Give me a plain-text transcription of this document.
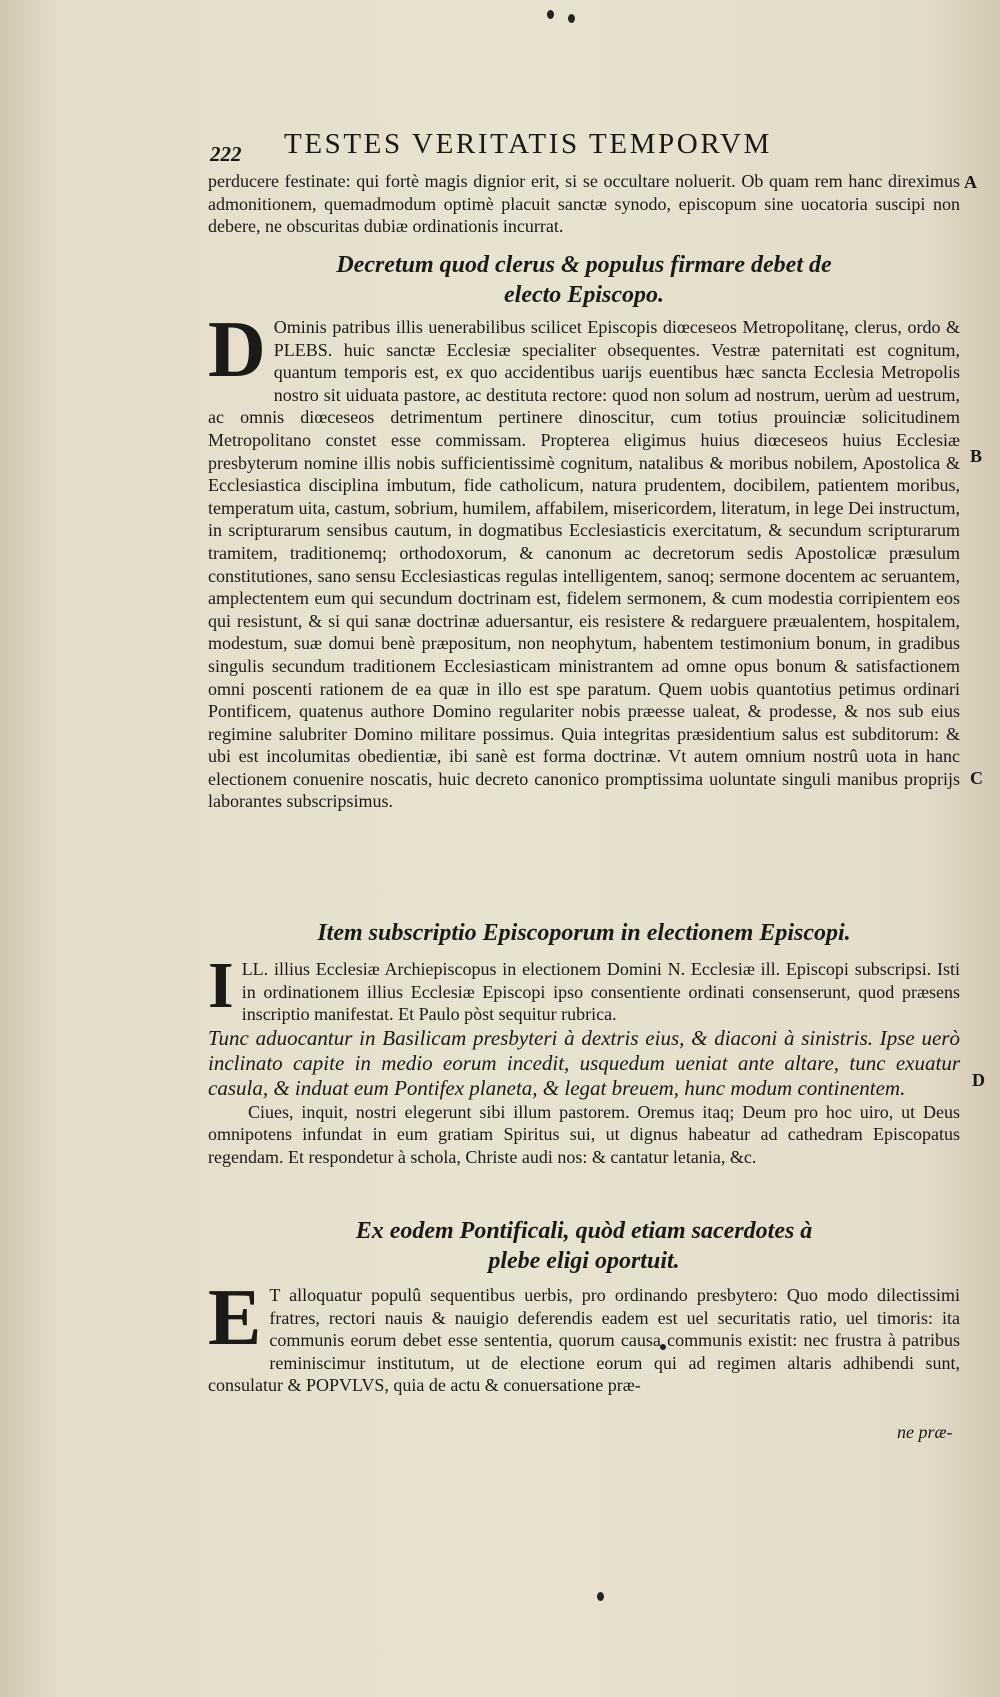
222 TESTES VERITATIS TEMPORVM

perducere festinate: qui fortè magis dignior erit, si se occultare noluerit. Ob quam rem hanc direximus admonitionem, quemadmodum optimè placuit sanctæ synodo, episcopum sine uocatoria suscipi non debere, ne obscuritas dubiæ ordinationis incurrat.

A
Decretum quod clerus & populus firmare debet de
electo Episcopo.
D Ominis patribus illis uenerabilibus scilicet Episcopis diœceseos Metropolitanę, clerus, ordo & PLEBS. huic sanctæ Ecclesiæ specialiter obsequentes. Vestræ paternitati est cognitum, quantum temporis est, ex quo accidentibus uarijs euentibus hæc sancta Ecclesia Metropolis nostro sit uiduata pastore, ac destituta rectore: quod non solum ad nostrum, uerùm ad uestrum, ac omnis diœceseos detrimentum pertinere dinoscitur, cum totius prouinciæ solicitudinem Metropolitano constet esse commissam. Propterea eligimus huius diœceseos huius Ecclesiæ presbyterum nomine illis nobis sufficientissimè cognitum, natalibus & moribus nobilem, Apostolica & Ecclesiastica disciplina imbutum, fide catholicum, natura prudentem, docibilem, patientem moribus, temperatum uita, castum, sobrium, humilem, affabilem, misericordem, literatum, in lege Dei instructum, in scripturarum sensibus cautum, in dogmatibus Ecclesiasticis exercitatum, & secundum scripturarum tramitem, traditionemq; orthodoxorum, & canonum ac decretorum sedis Apostolicæ præsulum constitutiones, sano sensu Ecclesiasticas regulas intelligentem, sanoq; sermone docentem ac seruantem, amplectentem eum qui secundum doctrinam est, fidelem sermonem, & cum modestia corripientem eos qui resistunt, & si qui sanæ doctrinæ aduersantur, eis resistere & redarguere præualentem, hospitalem, modestum, suæ domui benè præpositum, non neophytum, habentem testimonium bonum, in gradibus singulis secundum traditionem Ecclesiasticam ministrantem ad omne opus bonum & satisfactionem omni poscenti rationem de ea quæ in illo est spe paratum. Quem uobis quantotius petimus ordinari Pontificem, quatenus authore Domino regulariter nobis præesse ualeat, & prodesse, & nos sub eius regimine salubriter Domino militare possimus. Quia integritas præsidentium salus est subditorum: & ubi est incolumitas obedientiæ, ibi sanè est forma doctrinæ. Vt autem omnium nostrû uota in hanc electionem conuenire noscatis, huic decreto canonico promptissima uoluntate singuli manibus proprijs laborantes subscripsimus.

B
C
Item subscriptio Episcoporum in electionem Episcopi.
I LL. illius Ecclesiæ Archiepiscopus in electionem Domini N. Ecclesiæ ill. Episcopi subscripsi. Isti in ordinationem illius Ecclesiæ Episcopi ipso consentiente ordinati consenserunt, quod præsens inscriptio manifestat. Et Paulo pòst sequitur rubrica.

Tunc aduocantur in Basilicam presbyteri à dextris eius, & diaconi à sinistris. Ipse uerò inclinato capite in medio eorum incedit, usquedum ueniat ante altare, tunc exuatur casula, & induat eum Pontifex planeta, & legat breuem, hunc modum continentem.

Ciues, inquit, nostri elegerunt sibi illum pastorem. Oremus itaq; Deum pro hoc uiro, ut Deus omnipotens infundat in eum gratiam Spiritus sui, ut dignus habeatur ad cathedram Episcopatus regendam. Et respondetur à schola, Christe audi nos: & cantatur letania, &c.

D
Ex eodem Pontificali, quòd etiam sacerdotes à
plebe eligi oportuit.
E T alloquatur populû sequentibus uerbis, pro ordinando presbytero: Quo modo dilectissimi fratres, rectori nauis & nauigio deferendis eadem est uel securitatis ratio, uel timoris: ita communis eorum debet esse sententia, quorum causa communis existit: nec frustra à patribus reminiscimur institutum, ut de electione eorum qui ad regimen altaris adhibendi sunt, consulatur & POPVLVS, quia de actu & conuersatione præ-

ne præ-
